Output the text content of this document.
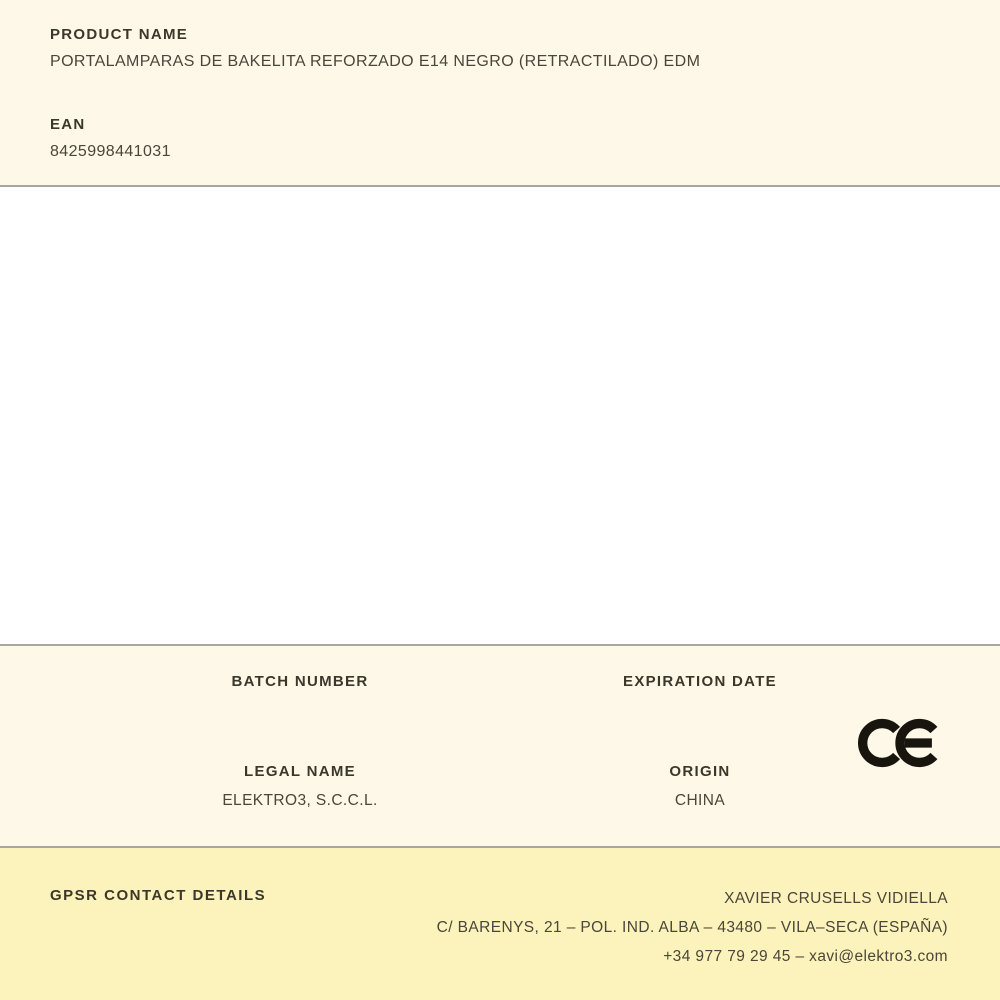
PRODUCT NAME
PORTALAMPARAS DE BAKELITA REFORZADO E14 NEGRO (RETRACTILADO) EDM
EAN
8425998441031
BATCH NUMBER	EXPIRATION DATE
LEGAL NAME
ELEKTRO3, S.C.C.L.
ORIGIN
CHINA
GPSR CONTACT DETAILS	XAVIER CRUSELLS VIDIELLA
C/ BARENYS, 21 – POL. IND. ALBA – 43480 – VILA–SECA (ESPAÑA)
+34 977 79 29 45 – xavi@elektro3.com
